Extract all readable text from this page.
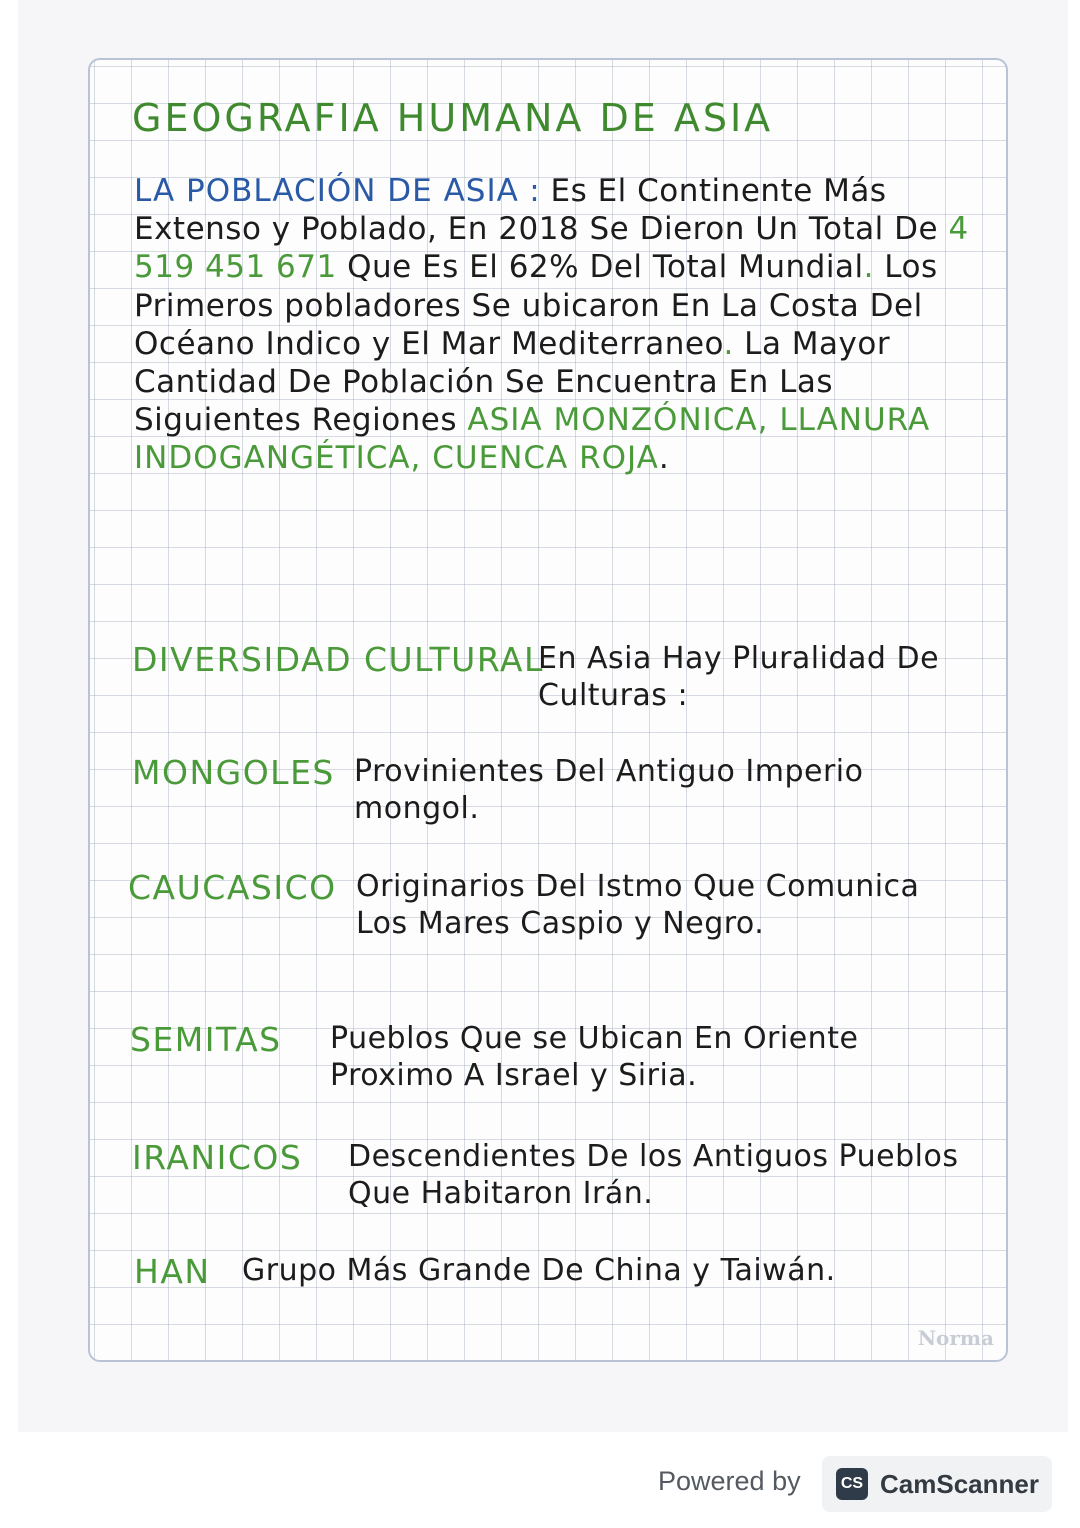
GEOGRAFIA HUMANA DE ASIA
LA POBLACIÓN DE ASIA : Es El Continente Más Extenso y Poblado, En 2018 Se Dieron Un Total De 4 519 451 671 Que Es El 62% Del Total Mundial. Los Primeros pobladores Se ubicaron En La Costa Del Océano Indico y El Mar Mediterraneo. La Mayor Cantidad De Población Se Encuentra En Las Siguientes Regiones ASIA MONZÓNICA, LLANURA INDOGANGÉTICA, CUENCA ROJA.
DIVERSIDAD CULTURAL
En Asia Hay Pluralidad De Culturas :
MONGOLES Provinientes Del Antiguo Imperio mongol.
CAUCASICO Originarios Del Istmo Que Comunica Los Mares Caspio y Negro.
SEMITAS Pueblos Que se Ubican En Oriente Proximo A Israel y Siria.
IRANICOS Descendientes De los Antiguos Pueblos Que Habitaron Irán.
HAN Grupo Más Grande De China y Taiwán.
Norma
Powered by	CS CamScanner
